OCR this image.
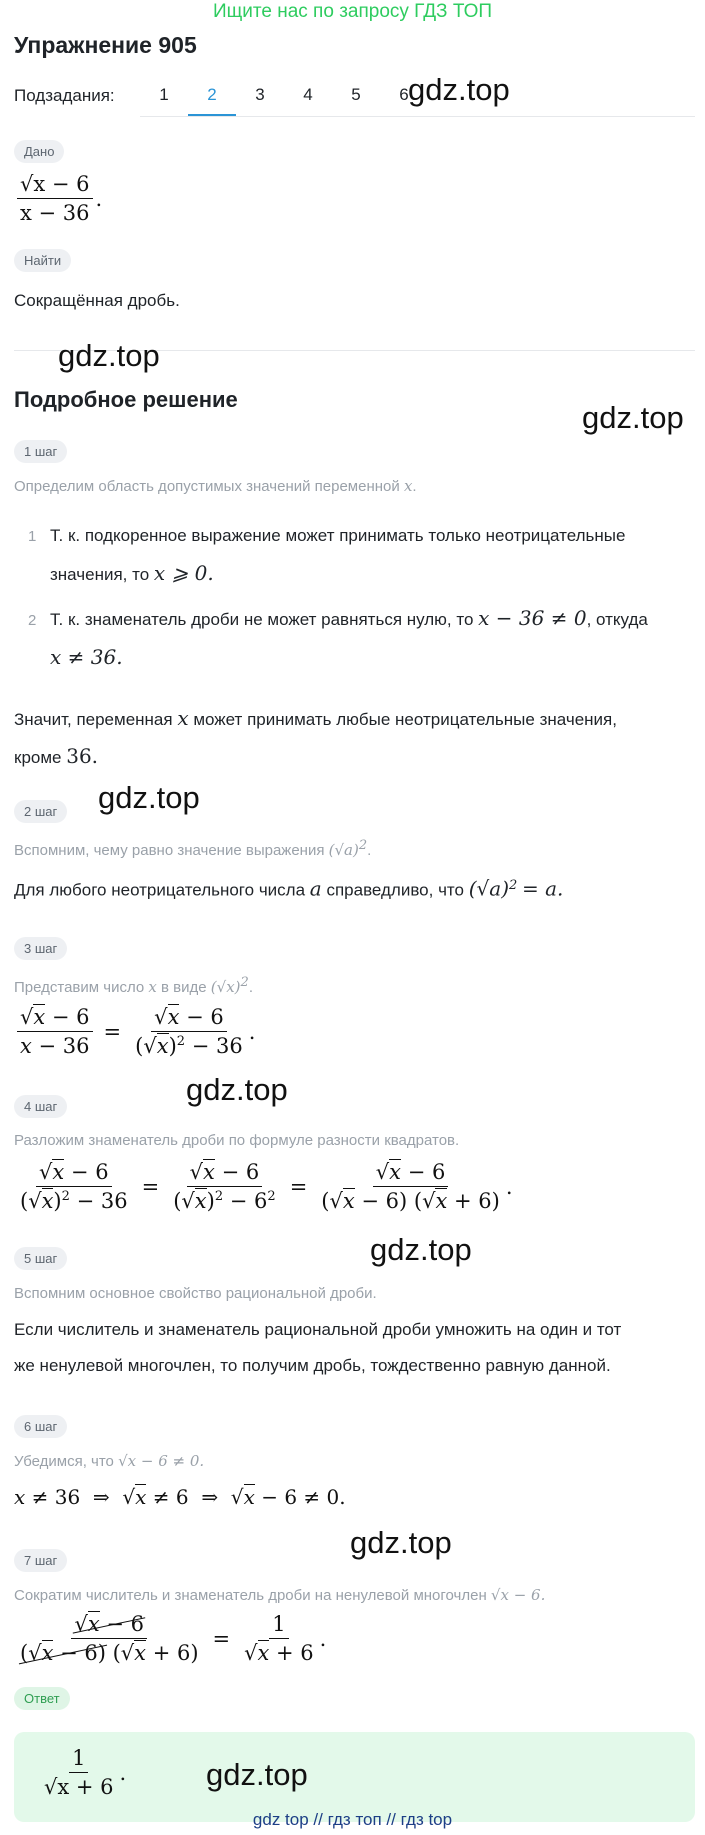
Ищите нас по запросу ГДЗ ТОП
Упражнение 905
Подзадания:	1	2	3	4	5	6 gdz.top
Дано
$\frac{√x - 6}{x - 36}$ .
Найти
Сокращённая дробь.
gdz.top
Подробное решение
gdz.top
1 шаг
Определим область допустимых значений переменной x.
1 Т. к. подкоренное выражение может принимать только неотрицательные
значения, то x ⩾ 0.
2 Т. к. знаменатель дроби не может равняться нулю, то x − 36 ≠ 0, откуда
x ≠ 36.
Значит, переменная x может принимать любые неотрицательные значения,
кроме 36.
gdz.top
2 шаг
Вспомним, чему равно значение выражения $(√a)^2$.
Для любого неотрицательного числа a справедливо, что $(√a)^2 = a$.
3 шаг
Представим число x в виде $(√x)^2$.
$\frac{√x - 6}{x - 36} = \frac{√x - 6}{(√x)^2 - 36}$ .
gdz.top
4 шаг
Разложим знаменатель дроби по формуле разности квадратов.
$\frac{√x - 6}{(√x)^2 - 36} = \frac{√x - 6}{(√x)^2 - 6^2} = \frac{√x - 6}{(√x - 6) (√x + 6)}$ .
gdz.top
5 шаг
Вспомним основное свойство рациональной дроби.
Если числитель и знаменатель рациональной дроби умножить на один и тот
же ненулевой многочлен, то получим дробь, тождественно равную данной.
6 шаг
Убедимся, что √x − 6 ≠ 0.
x ≠ 36  ⇒  √ x ≠ 6  ⇒  √ x − 6 ≠ 0.
gdz.top
7 шаг
Сократим числитель и знаменатель дроби на ненулевой многочлен √x − 6.
$\frac{√x - 6}{(√x - 6) (√x + 6)} = \frac{1}{√x + 6}$ .
Ответ
$\frac{1}{√x + 6}$ .	gdz.top
gdz top // гдз топ // гдз top
